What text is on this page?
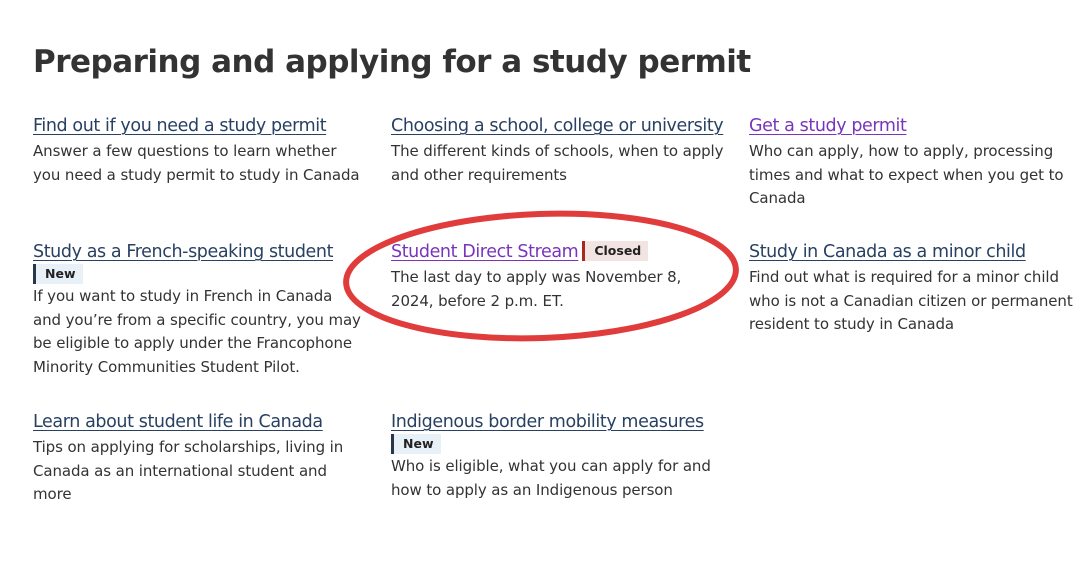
Preparing and applying for a study permit
Find out if you need a study permit

Answer a few questions to learn whether you need a study permit to study in Canada

Choosing a school, college or university

The different kinds of schools, when to apply and other requirements

Get a study permit

Who can apply, how to apply, processing times and what to expect when you get to Canada

Study as a French-speaking student
New

If you want to study in French in Canada and you’re from a specific country, you may be eligible to apply under the Francophone Minority Communities Student Pilot.

Student Direct Stream Closed

The last day to apply was November 8, 2024, before 2 p.m. ET.

Study in Canada as a minor child

Find out what is required for a minor child who is not a Canadian citizen or permanent resident to study in Canada

Learn about student life in Canada

Tips on applying for scholarships, living in Canada as an international student and more

Indigenous border mobility measures
New

Who is eligible, what you can apply for and how to apply as an Indigenous person
